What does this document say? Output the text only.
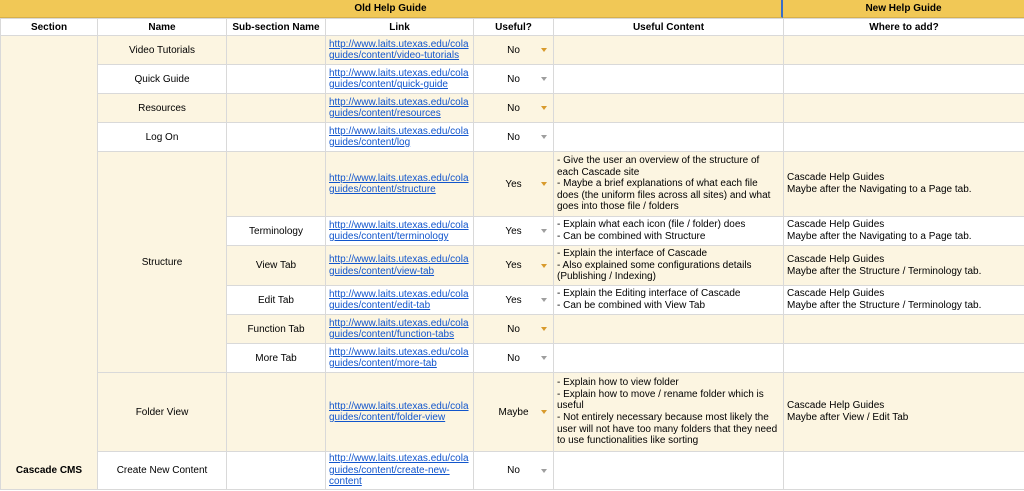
Old Help Guide	New Help Guide
Section	Name	Sub-section Name	Link	Useful?	Useful Content	Where to add?
Cascade CMS	Video Tutorials		http://www.laits.utexas.edu/cola guides/content/video-tutorials	No

	Quick Guide		http://www.laits.utexas.edu/cola guides/content/quick-guide	No

	Resources		http://www.laits.utexas.edu/cola guides/content/resources	No

	Log On		http://www.laits.utexas.edu/cola guides/content/log	No

	Structure		http://www.laits.utexas.edu/cola guides/content/structure	Yes	- Give the user an overview of the structure of each Cascade site
- Maybe a brief explanations of what each file does (the uniform files across all sites) and what goes into those file / folders	Cascade Help Guides
Maybe after the Navigating to a Page tab.
		Terminology	http://www.laits.utexas.edu/cola guides/content/terminology	Yes	- Explain what each icon (file / folder) does
- Can be combined with Structure	Cascade Help Guides
Maybe after the Navigating to a Page tab.
		View Tab	http://www.laits.utexas.edu/cola guides/content/view-tab	Yes	- Explain the interface of Cascade
- Also explained some configurations details (Publishing / Indexing)	Cascade Help Guides
Maybe after the Structure / Terminology tab.
		Edit Tab	http://www.laits.utexas.edu/cola guides/content/edit-tab	Yes	- Explain the Editing interface of Cascade
- Can be combined with View Tab	Cascade Help Guides
Maybe after the Structure / Terminology tab.
		Function Tab	http://www.laits.utexas.edu/cola guides/content/function-tabs	No

		More Tab	http://www.laits.utexas.edu/cola guides/content/more-tab	No

	Folder View		http://www.laits.utexas.edu/cola guides/content/folder-view	Maybe	- Explain how to view folder
- Explain how to move / rename folder which is useful
- Not entirely necessary because most likely the user will not have too many folders that they need to use functionalities like sorting	Cascade Help Guides
Maybe after View / Edit Tab
	Create New Content		http://www.laits.utexas.edu/cola guides/content/create-new-content	No
